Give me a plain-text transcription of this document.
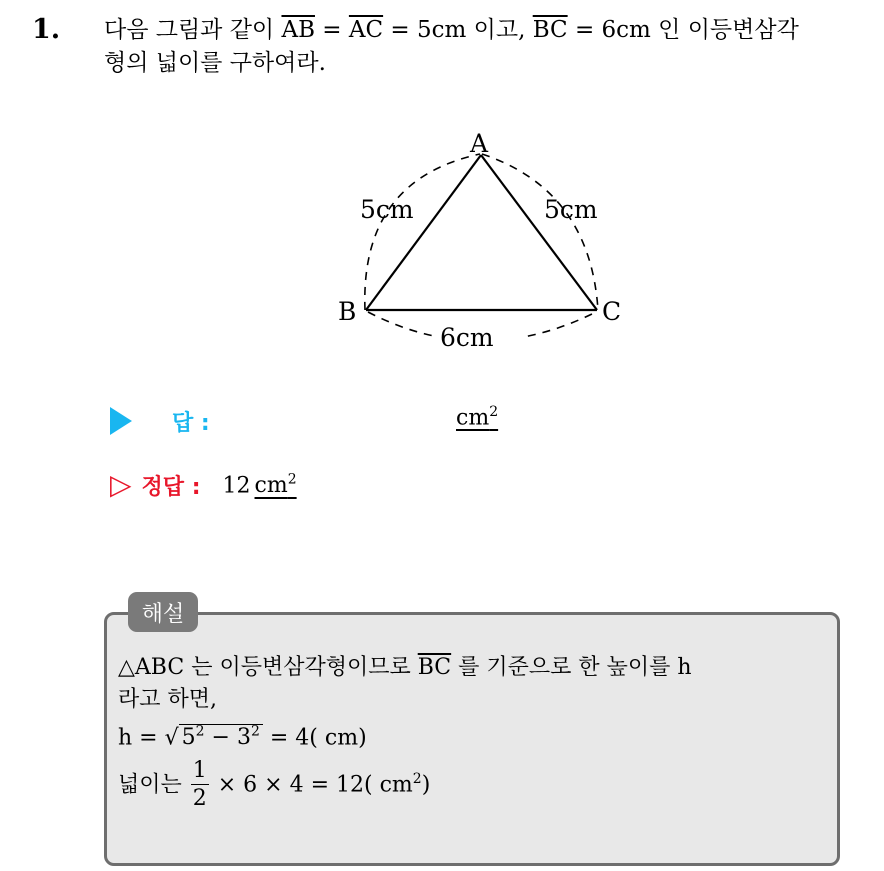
1. 다음 그림과 같이 $\overline{AB} = \overline{AC} = 5cm$ 이고, $\overline{BC} = 6cm$ 인 이등변삼각
형의 넓이를 구하여라.
A
B	C
5cm	5cm
6cm
답 :	$cm^2$
▷ 정답 : 12 $cm^2$
해설
△ABC 는 이등변삼각형이므로 $\overline{BC}$ 를 기준으로 한 높이를 h
라고 하면,
h = √ $5^2 - 3^2 = 4$( cm)
넓이는 $\frac{1}{2} \times 6 \times 4 = 12$( $cm^2$)
